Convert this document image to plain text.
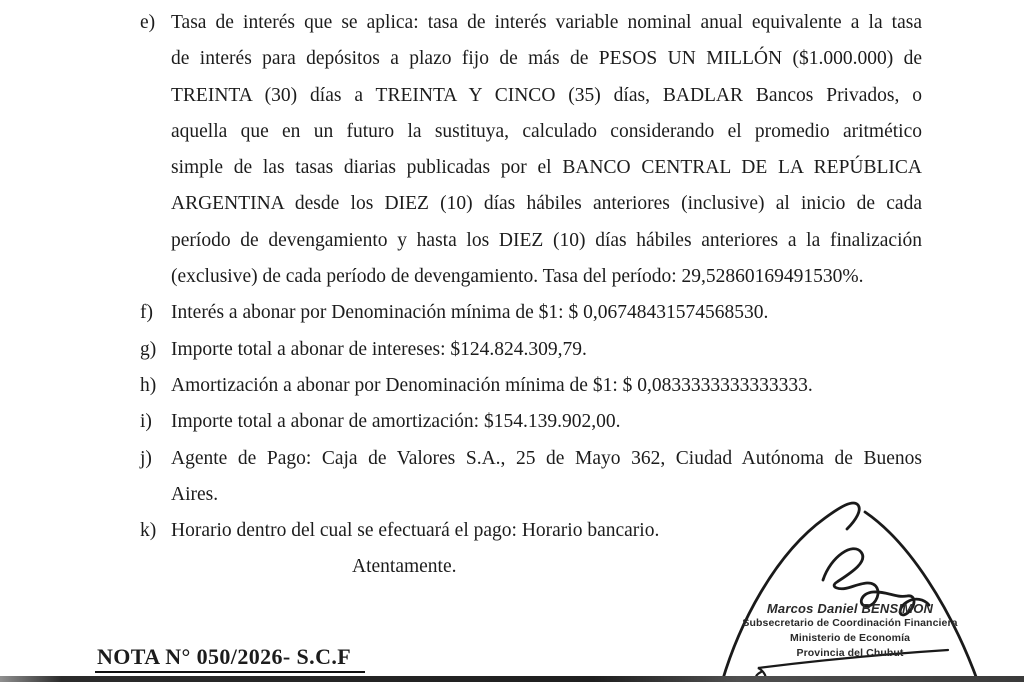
e) Tasa de interés que se aplica: tasa de interés variable nominal anual equivalente a la tasa
de interés para depósitos a plazo fijo de más de PESOS UN MILLÓN ($1.000.000) de
TREINTA (30) días a TREINTA Y CINCO (35) días, BADLAR Bancos Privados, o
aquella que en un futuro la sustituya, calculado considerando el promedio aritmético
simple de las tasas diarias publicadas por el BANCO CENTRAL DE LA REPÚBLICA
ARGENTINA desde los DIEZ (10) días hábiles anteriores (inclusive) al inicio de cada
período de devengamiento y hasta los DIEZ (10) días hábiles anteriores a la finalización
(exclusive) de cada período de devengamiento. Tasa del período: 29,52860169491530%.
f) Interés a abonar por Denominación mínima de $1: $ 0,06748431574568530.
g) Importe total a abonar de intereses: $124.824.309,79.
h) Amortización a abonar por Denominación mínima de $1: $ 0,0833333333333333.
i) Importe total a abonar de amortización: $154.139.902,00.
j) Agente de Pago: Caja de Valores S.A., 25 de Mayo 362, Ciudad Autónoma de Buenos
Aires.
k) Horario dentro del cual se efectuará el pago: Horario bancario.
Atentamente.
Marcos Daniel BENSIMON
Subsecretario de Coordinación Financiera
Ministerio de Economía
Provincia del Chubut
NOTA N° 050/2026- S.C.F
